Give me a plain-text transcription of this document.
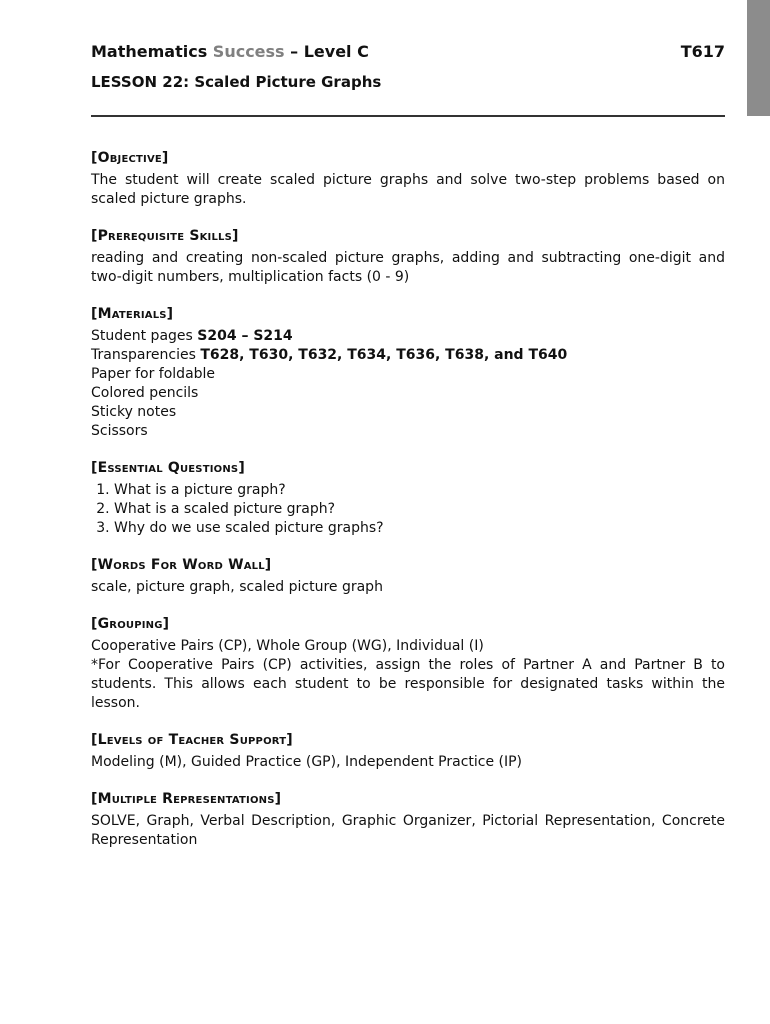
Mathematics Success – Level C	T617
LESSON 22: Scaled Picture Graphs
[Objective]
The student will create scaled picture graphs and solve two-step problems based on scaled picture graphs.
[Prerequisite Skills]
reading and creating non-scaled picture graphs, adding and subtracting one-digit and two-digit numbers, multiplication facts (0 - 9)
[Materials]
Student pages S204 – S214
Transparencies T628, T630, T632, T634, T636, T638, and T640
Paper for foldable
Colored pencils
Sticky notes
Scissors
[Essential Questions]
1. What is a picture graph?
2. What is a scaled picture graph?
3. Why do we use scaled picture graphs?
[Words For Word Wall]
scale, picture graph, scaled picture graph
[Grouping]
Cooperative Pairs (CP), Whole Group (WG), Individual (I)
*For Cooperative Pairs (CP) activities, assign the roles of Partner A and Partner B to students. This allows each student to be responsible for designated tasks within the lesson.
[Levels of Teacher Support]
Modeling (M), Guided Practice (GP), Independent Practice (IP)
[Multiple Representations]
SOLVE, Graph, Verbal Description, Graphic Organizer, Pictorial Representation, Concrete Representation
